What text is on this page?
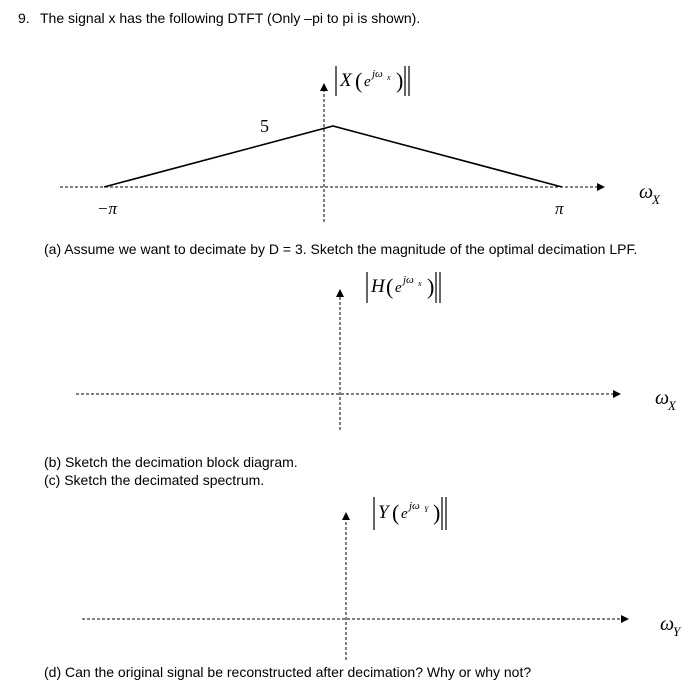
9. The signal x has the following DTFT (Only –pi to pi is shown).
(a) Assume we want to decimate by D = 3. Sketch the magnitude of the optimal decimation LPF.
(b) Sketch the decimation block diagram.
(c) Sketch the decimated spectrum.
(d) Can the original signal be reconstructed after decimation? Why or why not?
5
−π	π
X ( e jω x )
ω
X
H ( e jω x )
ω
X
Y ( e jω Y )
ω
Y
